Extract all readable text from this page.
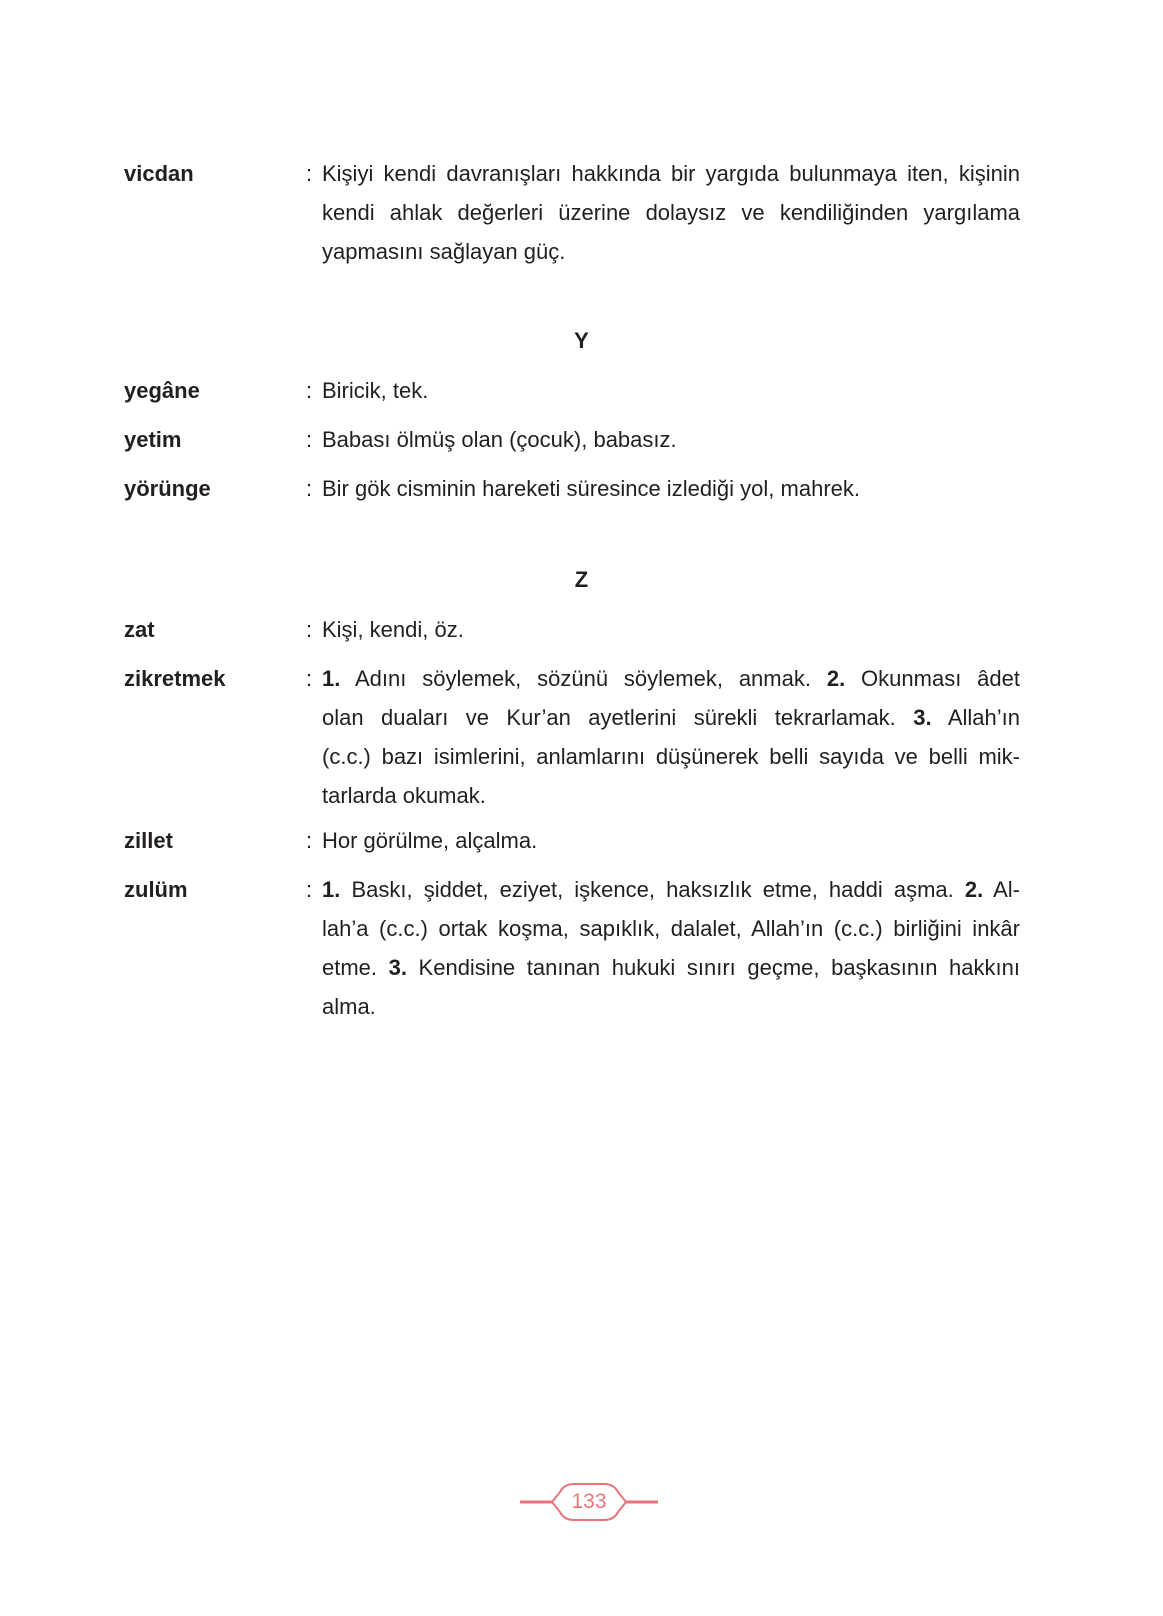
vicdan	: Kişiyi kendi davranışları hakkında bir yargıda bulunmaya iten, kişinin
kendi ahlak değerleri üzerine dolaysız ve kendiliğinden yargılama
yapmasını sağlayan güç.
Y
yegâne	: Biricik, tek.
yetim	: Babası ölmüş olan (çocuk), babasız.
yörünge	: Bir gök cisminin hareketi süresince izlediği yol, mahrek.
Z
zat	: Kişi, kendi, öz.
zikretmek	: 1. Adını söylemek, sözünü söylemek, anmak. 2. Okunması âdet
olan duaları ve Kur’an ayetlerini sürekli tekrarlamak. 3. Allah’ın
(c.c.) bazı isimlerini, anlamlarını düşünerek belli sayıda ve belli mik-
tarlarda okumak.
zillet	: Hor görülme, alçalma.
zulüm	: 1. Baskı, şiddet, eziyet, işkence, haksızlık etme, haddi aşma. 2. Al-
lah’a (c.c.) ortak koşma, sapıklık, dalalet, Allah’ın (c.c.) birliğini inkâr
etme. 3. Kendisine tanınan hukuki sınırı geçme, başkasının hakkını
alma.
133
